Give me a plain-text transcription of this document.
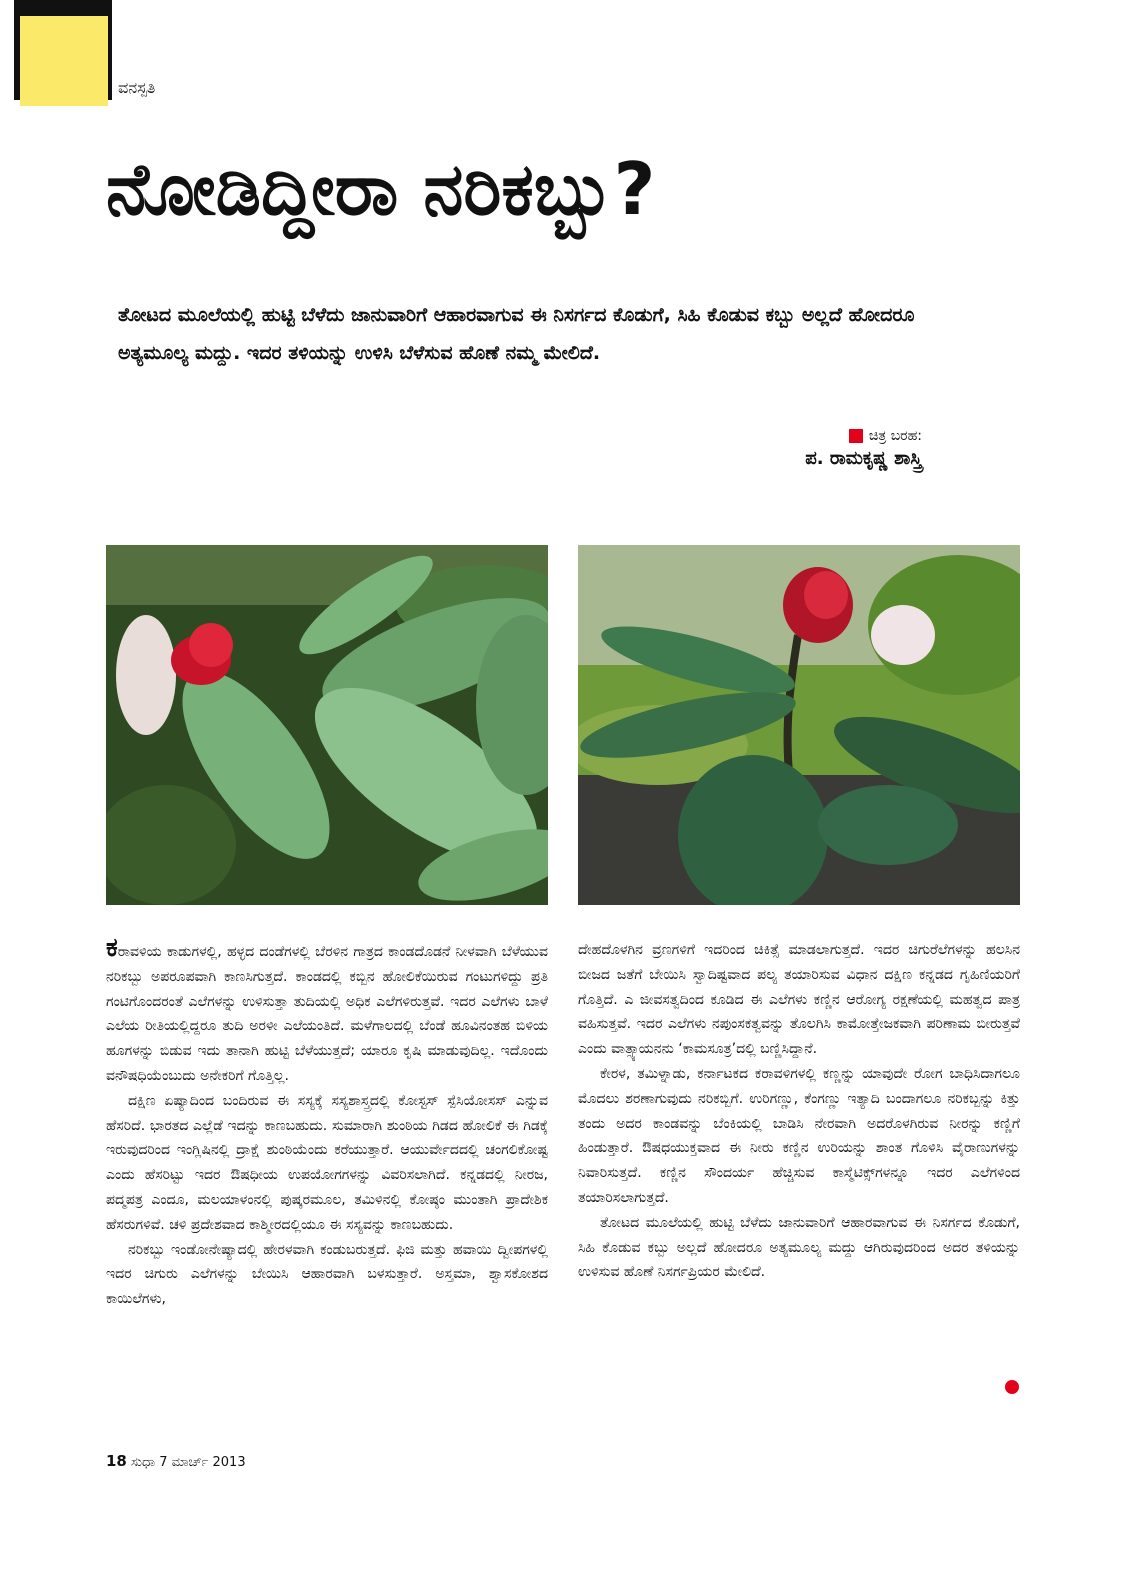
ವನಸ್ಪತಿ
ನೋಡಿದ್ದೀರಾ ನರಿಕಬ್ಬು?
ತೋಟದ ಮೂಲೆಯಲ್ಲಿ ಹುಟ್ಟಿ ಬೆಳೆದು ಜಾನುವಾರಿಗೆ ಆಹಾರವಾಗುವ ಈ ನಿಸರ್ಗದ ಕೊಡುಗೆ, ಸಿಹಿ ಕೊಡುವ ಕಬ್ಬು ಅಲ್ಲದೆ ಹೋದರೂ ಅತ್ಯಮೂಲ್ಯ ಮದ್ದು. ಇದರ ತಳಿಯನ್ನು ಉಳಿಸಿ ಬೆಳೆಸುವ ಹೊಣೆ ನಮ್ಮ ಮೇಲಿದೆ.
ಚಿತ್ರ ಬರಹ:
ಪ. ರಾಮಕೃಷ್ಣ ಶಾಸ್ತ್ರಿ

ಕರಾವಳಿಯ ಕಾಡುಗಳಲ್ಲಿ, ಹಳ್ಳದ ದಂಡೆಗಳಲ್ಲಿ ಬೆರಳಿನ ಗಾತ್ರದ ಕಾಂಡದೊಡನೆ ನೀಳವಾಗಿ ಬೆಳೆಯುವ ನರಿಕಬ್ಬು ಅಪರೂಪವಾಗಿ ಕಾಣಸಿಗುತ್ತದೆ. ಕಾಂಡದಲ್ಲಿ ಕಬ್ಬಿನ ಹೋಲಿಕೆಯಿರುವ ಗಂಟುಗಳಿದ್ದು ಪ್ರತಿ ಗಂಟಿಗೊಂದರಂತೆ ಎಲೆಗಳನ್ನು ಉಳಿಸುತ್ತಾ ತುದಿಯಲ್ಲಿ ಅಧಿಕ ಎಲೆಗಳಿರುತ್ತವೆ. ಇದರ ಎಲೆಗಳು ಬಾಳೆ ಎಲೆಯ ರೀತಿಯಲ್ಲಿದ್ದರೂ ತುದಿ ಅರಳೀ ಎಲೆಯಂತಿದೆ. ಮಳೆಗಾಲದಲ್ಲಿ ಬೆಂಡೆ ಹೂವಿನಂತಹ ಬಿಳಿಯ ಹೂಗಳನ್ನು ಬಿಡುವ ಇದು ತಾನಾಗಿ ಹುಟ್ಟಿ ಬೆಳೆಯುತ್ತದೆ; ಯಾರೂ ಕೃಷಿ ಮಾಡುವುದಿಲ್ಲ. ಇದೊಂದು ವನೌಷಧಿಯೆಂಬುದು ಅನೇಕರಿಗೆ ಗೊತ್ತಿಲ್ಲ.

ದಕ್ಷಿಣ ಏಷ್ಯಾದಿಂದ ಬಂದಿರುವ ಈ ಸಸ್ಯಕ್ಕೆ ಸಸ್ಯಶಾಸ್ತ್ರದಲ್ಲಿ ಕೋಸ್ಟಸ್ ಸ್ಪೆಸಿಯೋಸಸ್ ಎನ್ನುವ ಹೆಸರಿದೆ. ಭಾರತದ ಎಲ್ಲೆಡೆ ಇದನ್ನು ಕಾಣಬಹುದು. ಸುಮಾರಾಗಿ ಶುಂಠಿಯ ಗಿಡದ ಹೋಲಿಕೆ ಈ ಗಿಡಕ್ಕೆ ಇರುವುದರಿಂದ ಇಂಗ್ಲಿಷಿನಲ್ಲಿ ದ್ರಾಕ್ಷೆ ಶುಂಠಿಯೆಂದು ಕರೆಯುತ್ತಾರೆ. ಆಯುರ್ವೇದದಲ್ಲಿ ಚಂಗಲಿಕೋಷ್ಟ ಎಂದು ಹೆಸರಿಟ್ಟು ಇದರ ಔಷಧೀಯ ಉಪಯೋಗಗಳನ್ನು ವಿವರಿಸಲಾಗಿದೆ. ಕನ್ನಡದಲ್ಲಿ ನೀರಜ, ಪದ್ಮಪತ್ರ ಎಂದೂ, ಮಲಯಾಳಂನಲ್ಲಿ ಪುಷ್ಕರಮೂಲ, ತಮಿಳಿನಲ್ಲಿ ಕೋಷ್ಠಂ ಮುಂತಾಗಿ ಪ್ರಾದೇಶಿಕ ಹೆಸರುಗಳಿವೆ. ಚಳಿ ಪ್ರದೇಶವಾದ ಕಾಶ್ಮೀರದಲ್ಲಿಯೂ ಈ ಸಸ್ಯವನ್ನು ಕಾಣಬಹುದು.

ನರಿಕಬ್ಬು ಇಂಡೋನೇಷ್ಯಾದಲ್ಲಿ ಹೇರಳವಾಗಿ ಕಂಡುಬರುತ್ತದೆ. ಫಿಜಿ ಮತ್ತು ಹವಾಯಿ ದ್ವೀಪಗಳಲ್ಲಿ ಇದರ ಚಿಗುರು ಎಲೆಗಳನ್ನು ಬೇಯಿಸಿ ಆಹಾರವಾಗಿ ಬಳಸುತ್ತಾರೆ. ಅಸ್ತಮಾ, ಶ್ವಾಸಕೋಶದ ಕಾಯಿಲೆಗಳು,

ದೇಹದೊಳಗಿನ ವ್ರಣಗಳಿಗೆ ಇದರಿಂದ ಚಿಕಿತ್ಸೆ ಮಾಡಲಾಗುತ್ತದೆ. ಇದರ ಚಿಗುರೆಲೆಗಳನ್ನು ಹಲಸಿನ ಬೀಜದ ಜತೆಗೆ ಬೇಯಿಸಿ ಸ್ವಾದಿಷ್ಟವಾದ ಪಲ್ಯ ತಯಾರಿಸುವ ವಿಧಾನ ದಕ್ಷಿಣ ಕನ್ನಡದ ಗೃಹಿಣಿಯರಿಗೆ ಗೊತ್ತಿದೆ. ಎ ಜೀವಸತ್ವದಿಂದ ಕೂಡಿದ ಈ ಎಲೆಗಳು ಕಣ್ಣಿನ ಆರೋಗ್ಯ ರಕ್ಷಣೆಯಲ್ಲಿ ಮಹತ್ವದ ಪಾತ್ರ ವಹಿಸುತ್ತವೆ. ಇದರ ಎಲೆಗಳು ನಪುಂಸಕತ್ವವನ್ನು ತೊಲಗಿಸಿ ಕಾಮೋತ್ತೇಜಕವಾಗಿ ಪರಿಣಾಮ ಬೀರುತ್ತವೆ ಎಂದು ವಾತ್ಸ್ಯಾಯನನು ‘ಕಾಮಸೂತ್ರ’ದಲ್ಲಿ ಬಣ್ಣಿಸಿದ್ದಾನೆ.

ಕೇರಳ, ತಮಿಳ್ನಾಡು, ಕರ್ನಾಟಕದ ಕರಾವಳಿಗಳಲ್ಲಿ ಕಣ್ಣನ್ನು ಯಾವುದೇ ರೋಗ ಬಾಧಿಸಿದಾಗಲೂ ಮೊದಲು ಶರಣಾಗುವುದು ನರಿಕಬ್ಬಿಗೆ. ಉರಿಗಣ್ಣು, ಕೆಂಗಣ್ಣು ಇತ್ಯಾದಿ ಬಂದಾಗಲೂ ನರಿಕಬ್ಬನ್ನು ಕಿತ್ತು ತಂದು ಅದರ ಕಾಂಡವನ್ನು ಬೆಂಕಿಯಲ್ಲಿ ಬಾಡಿಸಿ ನೇರವಾಗಿ ಅದರೊಳಗಿರುವ ನೀರನ್ನು ಕಣ್ಣಿಗೆ ಹಿಂಡುತ್ತಾರೆ. ಔಷಧಯುಕ್ತವಾದ ಈ ನೀರು ಕಣ್ಣಿನ ಉರಿಯನ್ನು ಶಾಂತ ಗೊಳಿಸಿ ವೈರಾಣುಗಳನ್ನು ನಿವಾರಿಸುತ್ತದೆ. ಕಣ್ಣಿನ ಸೌಂದರ್ಯ ಹೆಚ್ಚಿಸುವ ಕಾಸ್ಮೆಟಿಕ್ಸ್‌ಗಳನ್ನೂ ಇದರ ಎಲೆಗಳಿಂದ ತಯಾರಿಸಲಾಗುತ್ತದೆ.

ತೋಟದ ಮೂಲೆಯಲ್ಲಿ ಹುಟ್ಟಿ ಬೆಳೆದು ಜಾನುವಾರಿಗೆ ಆಹಾರವಾಗುವ ಈ ನಿಸರ್ಗದ ಕೊಡುಗೆ, ಸಿಹಿ ಕೊಡುವ ಕಬ್ಬು ಅಲ್ಲದೆ ಹೋದರೂ ಅತ್ಯಮೂಲ್ಯ ಮದ್ದು ಆಗಿರುವುದರಿಂದ ಅದರ ತಳಿಯನ್ನು ಉಳಿಸುವ ಹೊಣೆ ನಿಸರ್ಗಪ್ರಿಯರ ಮೇಲಿದೆ.

18 ಸುಧಾ 7 ಮಾರ್ಚ್ 2013
